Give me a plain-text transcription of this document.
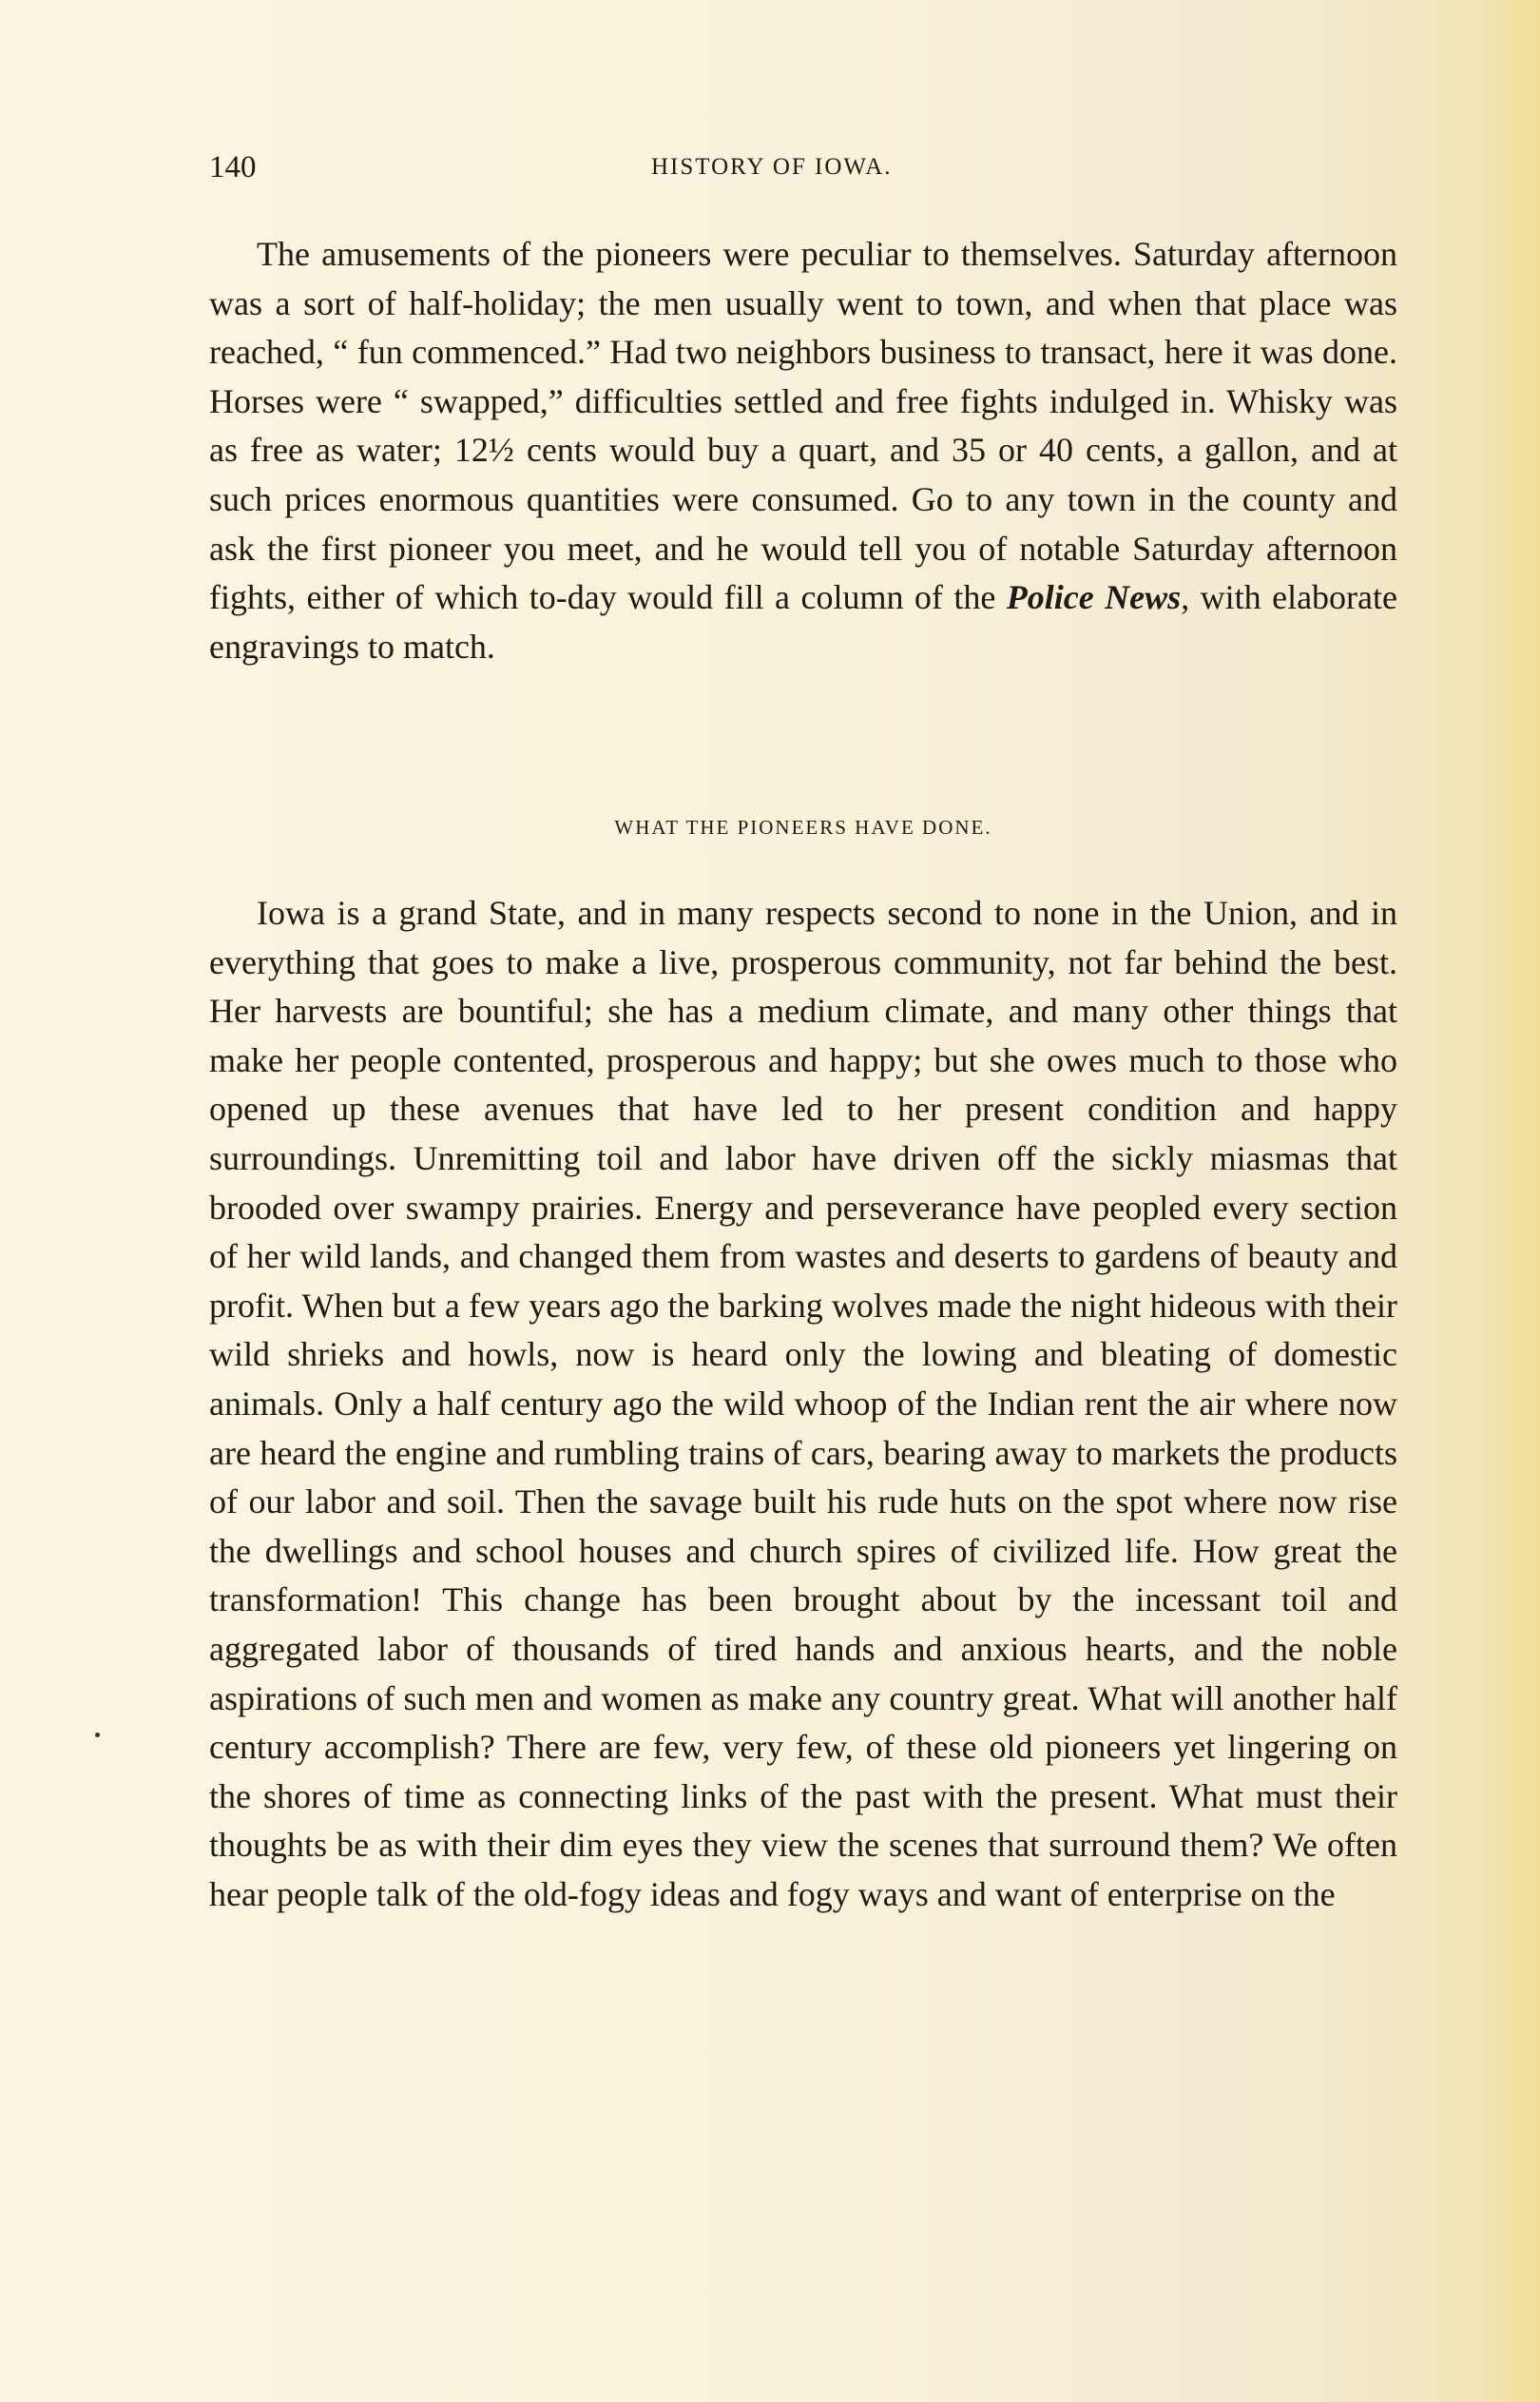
140	HISTORY OF IOWA.

The amusements of the pioneers were peculiar to themselves. Saturday afternoon was a sort of half-holiday; the men usually went to town, and when that place was reached, “ fun commenced.” Had two neighbors business to transact, here it was done. Horses were “ swapped,” difficulties settled and free fights indulged in. Whisky was as free as water; 12½ cents would buy a quart, and 35 or 40 cents, a gallon, and at such prices enormous quantities were consumed. Go to any town in the county and ask the first pioneer you meet, and he would tell you of notable Saturday afternoon fights, either of which to-day would fill a column of the Police News, with elaborate engravings to match.

WHAT THE PIONEERS HAVE DONE.

Iowa is a grand State, and in many respects second to none in the Union, and in everything that goes to make a live, prosperous community, not far behind the best. Her harvests are bountiful; she has a medium climate, and many other things that make her people contented, prosperous and happy; but she owes much to those who opened up these avenues that have led to her present condition and happy surroundings. Unremitting toil and labor have driven off the sickly miasmas that brooded over swampy prairies. Energy and perseverance have peopled every section of her wild lands, and changed them from wastes and deserts to gardens of beauty and profit. When but a few years ago the barking wolves made the night hideous with their wild shrieks and howls, now is heard only the lowing and bleating of domestic animals. Only a half century ago the wild whoop of the Indian rent the air where now are heard the engine and rumbling trains of cars, bearing away to markets the products of our labor and soil. Then the savage built his rude huts on the spot where now rise the dwellings and school houses and church spires of civilized life. How great the transformation! This change has been brought about by the incessant toil and aggregated labor of thousands of tired hands and anxious hearts, and the noble aspirations of such men and women as make any country great. What will another half century accomplish? There are few, very few, of these old pioneers yet lingering on the shores of time as connecting links of the past with the present. What must their thoughts be as with their dim eyes they view the scenes that surround them? We often hear people talk of the old-fogy ideas and fogy ways and want of enterprise on the
